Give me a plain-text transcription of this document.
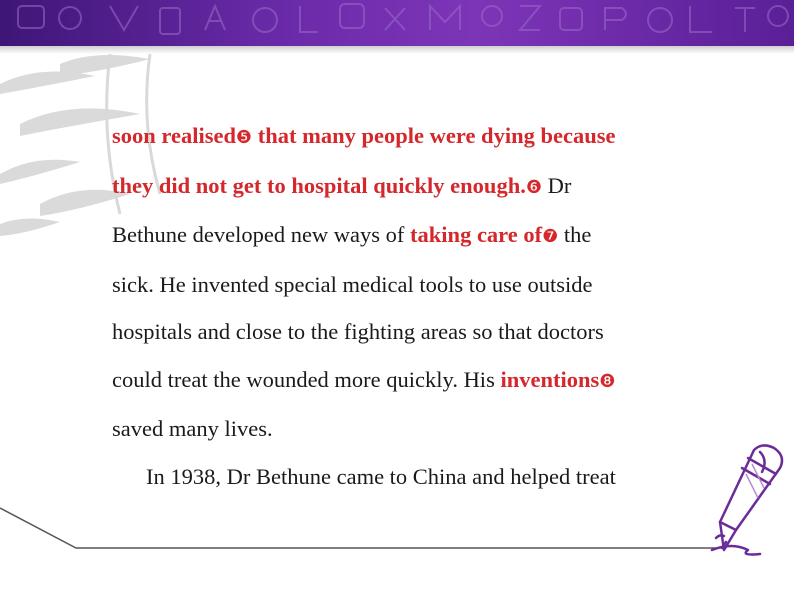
soon realised❺ that many people were dying because
they did not get to hospital quickly enough.❻ Dr
Bethune developed new ways of taking care of❼ the
sick. He invented special medical tools to use outside
hospitals and close to the fighting areas so that doctors
could treat the wounded more quickly. His inventions❽
saved many lives.
In 1938, Dr Bethune came to China and helped treat
